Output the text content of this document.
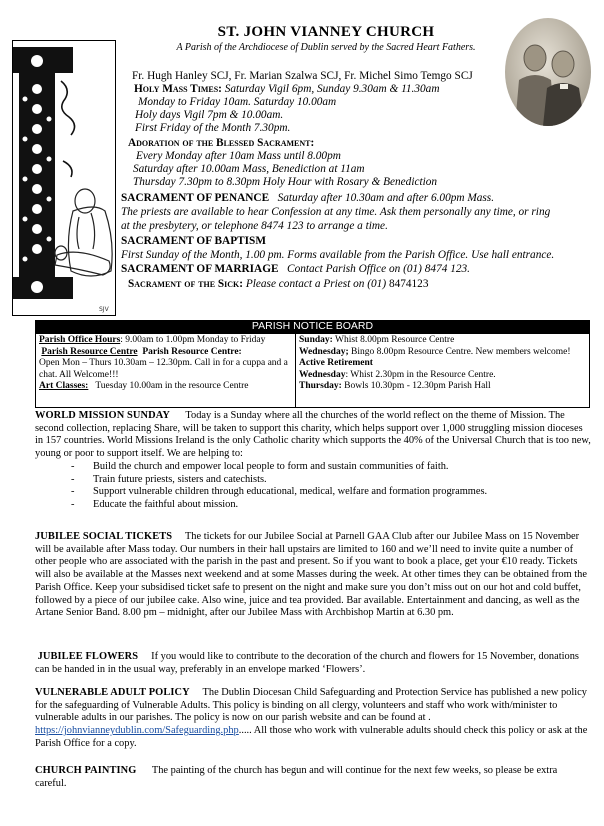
SJV
ST. JOHN VIANNEY CHURCH
A Parish of the Archdiocese of Dublin served by the Sacred Heart Fathers.
Fr. Hugh Hanley SCJ, Fr. Marian Szalwa SCJ, Fr. Michel Simo Temgo SCJ
Holy Mass Times: Saturday Vigil 6pm, Sunday 9.30am & 11.30am
Monday to Friday 10am. Saturday 10.00am
Holy days Vigil 7pm & 10.00am.
First Friday of the Month 7.30pm.
Adoration of the Blessed Sacrament:
Every Monday after 10am Mass until 8.00pm
Saturday after 10.00am Mass, Benediction at 11am
Thursday 7.30pm to 8.30pm Holy Hour with Rosary & Benediction
SACRAMENT OF PENANCE Saturday after 10.30am and after 6.00pm Mass.
The priests are available to hear Confession at any time. Ask them personally any time, or ring
at the presbytery, or telephone 8474 123 to arrange a time.
SACRAMENT OF BAPTISM
First Sunday of the Month, 1.00 pm. Forms available from the Parish Office. Use hall entrance.
SACRAMENT OF MARRIAGE Contact Parish Office on (01) 8474 123.
Sacrament of the Sick: Please contact a Priest on (01) 8474123
PARISH NOTICE BOARD
Parish Office Hours: 9.00am to 1.00pm Monday to Friday
Parish Resource Centre Parish Resource Centre:
Open Mon – Thurs 10.30am – 12.30pm. Call in for a cuppa and a chat. All Welcome!!!
Art Classes: Tuesday 10.00am in the resource Centre
Sunday: Whist 8.00pm Resource Centre
Wednesday; Bingo 8.00pm Resource Centre. New members welcome!
Active Retirement
Wednesday: Whist 2.30pm in the Resource Centre.
Thursday: Bowls 10.30pm - 12.30pm Parish Hall
WORLD MISSION SUNDAY Today is a Sunday where all the churches of the world reflect on the theme of Mission. The second collection, replacing Share, will be taken to support this charity, which helps support over 1,000 struggling mission dioceses in 157 countries. World Missions Ireland is the only Catholic charity which supports the 40% of the Universal Church that is too new, young or poor to support itself. We are helping to:
- Build the church and empower local people to form and sustain communities of faith.
- Train future priests, sisters and catechists.
- Support vulnerable children through educational, medical, welfare and formation programmes.
- Educate the faithful about mission.
JUBILEE SOCIAL TICKETS The tickets for our Jubilee Social at Parnell GAA Club after our Jubilee Mass on 15 November will be available after Mass today. Our numbers in their hall upstairs are limited to 160 and we’ll need to invite quite a number of other people who are associated with the parish in the past and present. So if you want to book a place, get your €10 ready. Tickets will also be available at the Masses next weekend and at some Masses during the week. At other times they can be obtained from the Parish Office. Keep your subsidised ticket safe to present on the night and make sure you don’t miss out on our hot and cold buffet, followed by a piece of our jubilee cake. Also wine, juice and tea provided. Bar available. Entertainment and dancing, as well as the Artane Senior Band. 8.00 pm – midnight, after our Jubilee Mass with Archbishop Martin at 6.30 pm.
JUBILEE FLOWERS If you would like to contribute to the decoration of the church and flowers for 15 November, donations can be handed in in the usual way, preferably in an envelope marked ‘Flowers’.
VULNERABLE ADULT POLICY The Dublin Diocesan Child Safeguarding and Protection Service has published a new policy for the safeguarding of Vulnerable Adults. This policy is binding on all clergy, volunteers and staff who work with/minister to vulnerable adults in our parishes. The policy is now on our parish website and can be found at . https://johnvianneydublin.com/Safeguarding.php..... All those who work with vulnerable adults should check this policy or ask at the Parish Office for a copy.
CHURCH PAINTING The painting of the church has begun and will continue for the next few weeks, so please be extra careful.
